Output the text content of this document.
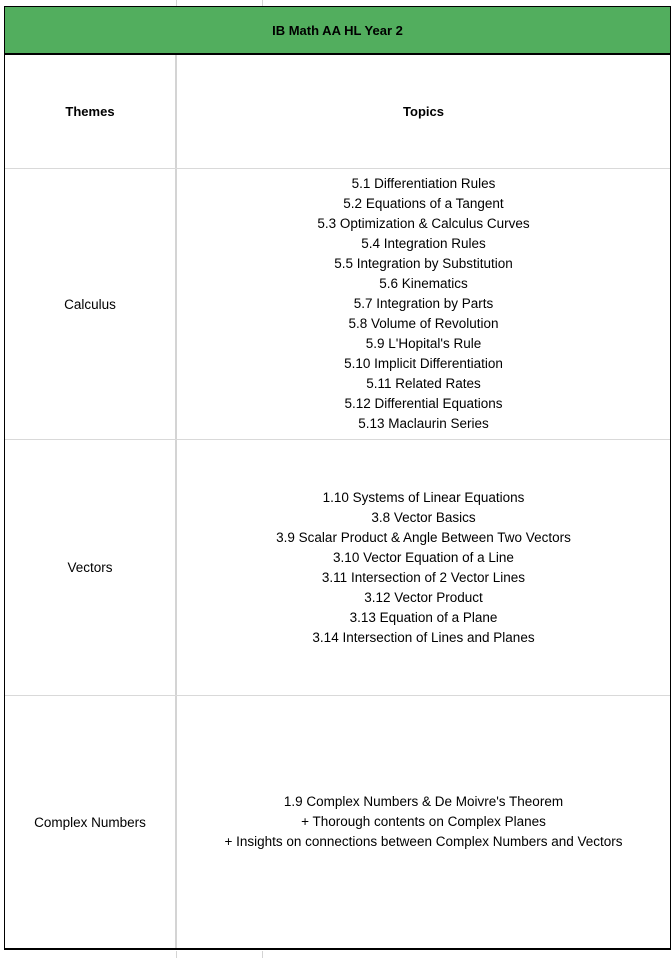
IB Math AA HL Year 2
Themes	Topics
Calculus
5.1 Differentiation Rules
5.2 Equations of a Tangent
5.3 Optimization & Calculus Curves
5.4 Integration Rules
5.5 Integration by Substitution
5.6 Kinematics
5.7 Integration by Parts
5.8 Volume of Revolution
5.9 L'Hopital's Rule
5.10 Implicit Differentiation
5.11 Related Rates
5.12 Differential Equations
5.13 Maclaurin Series
Vectors
1.10 Systems of Linear Equations
3.8 Vector Basics
3.9 Scalar Product & Angle Between Two Vectors
3.10 Vector Equation of a Line
3.11 Intersection of 2 Vector Lines
3.12 Vector Product
3.13 Equation of a Plane
3.14 Intersection of Lines and Planes
Complex Numbers
1.9 Complex Numbers & De Moivre's Theorem
+ Thorough contents on Complex Planes
+ Insights on connections between Complex Numbers and Vectors
